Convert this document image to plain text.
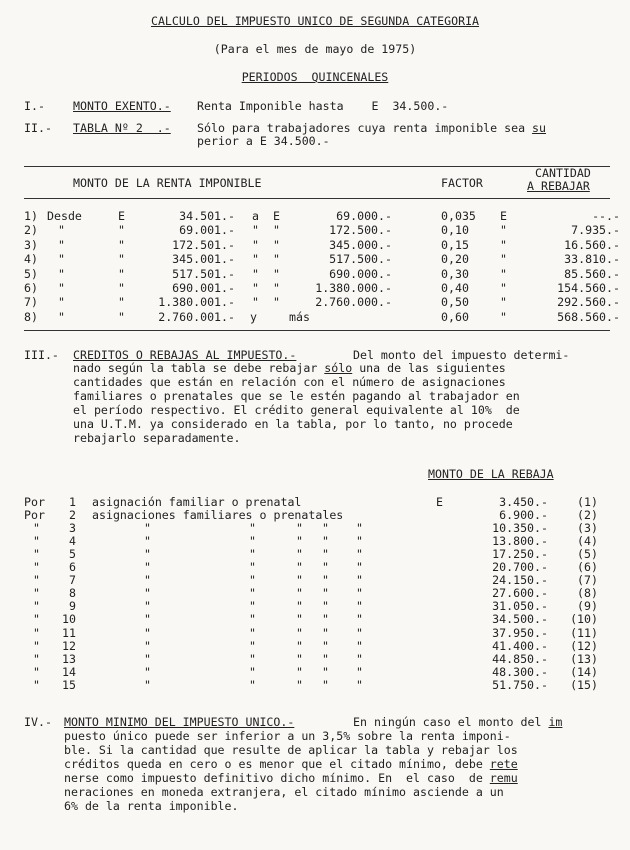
CALCULO DEL IMPUESTO UNICO DE SEGUNDA CATEGORIA
(Para el mes de mayo de 1975)
PERIODOS  QUINCENALES
I.- MONTO EXENTO.- Renta Imponible hasta    E  34.500.-
II.- TABLA Nº 2  .- Sólo para trabajadores cuya renta imponible sea su
perior a E 34.500.-
MONTO DE LA RENTA IMPONIBLE	FACTOR
CANTIDAD
A REBAJAR
1) Desde	E	34.501.- a E	69.000.-	0,035 E	--.-
2) "	"	69.001.- " "	172.500.-	0,10	"	7.935.-
3) "	"	172.501.- " "	345.000.-	0,15	"	16.560.-
4) "	"	345.001.- " "	517.500.-	0,20	"	33.810.-
5) "	"	517.501.- " "	690.000.-	0,30	"	85.560.-
6) "	"	690.001.- " "	1.380.000.-	0,40	"	154.560.-
7) "	"	1.380.001.- " "	2.760.000.-	0,50	"	292.560.-
8) "	"	2.760.001.- y	más	0,60	"	568.560.-
III.- CREDITOS O REBAJAS AL IMPUESTO.-	Del monto del impuesto determi-
nado según la tabla se debe rebajar sólo una de las siguientes
cantidades que están en relación con el número de asignaciones
familiares o prenatales que se le estén pagando al trabajador en
el período respectivo. El crédito general equivalente al 10%  de
una U.T.M. ya considerado en la tabla, por lo tanto, no procede
rebajarlo separadamente.
MONTO DE LA REBAJA
Por	1 asignación familiar o prenatal	E	3.450.-	(1)
Por	2 asignaciones familiares o prenatales	6.900.-	(2)
"	3	"	"	" " "	10.350.-	(3)
"	4	"	"	" " "	13.800.-	(4)
"	5	"	"	" " "	17.250.-	(5)
"	6	"	"	" " "	20.700.-	(6)
"	7	"	"	" " "	24.150.-	(7)
"	8	"	"	" " "	27.600.-	(8)
"	9	"	"	" " "	31.050.-	(9)
"	10	"	"	" " "	34.500.-	(10)
"	11	"	"	" " "	37.950.-	(11)
"	12	"	"	" " "	41.400.-	(12)
"	13	"	"	" " "	44.850.-	(13)
"	14	"	"	" " "	48.300.-	(14)
"	15	"	"	" " "	51.750.-	(15)
IV.- MONTO MINIMO DEL IMPUESTO UNICO.-	En ningún caso el monto del im
puesto único puede ser inferior a un 3,5% sobre la renta imponi-
ble. Si la cantidad que resulte de aplicar la tabla y rebajar los
créditos queda en cero o es menor que el citado mínimo, debe rete
nerse como impuesto definitivo dicho mínimo. En  el caso  de remu
neraciones en moneda extranjera, el citado mínimo asciende a un
6% de la renta imponible.
